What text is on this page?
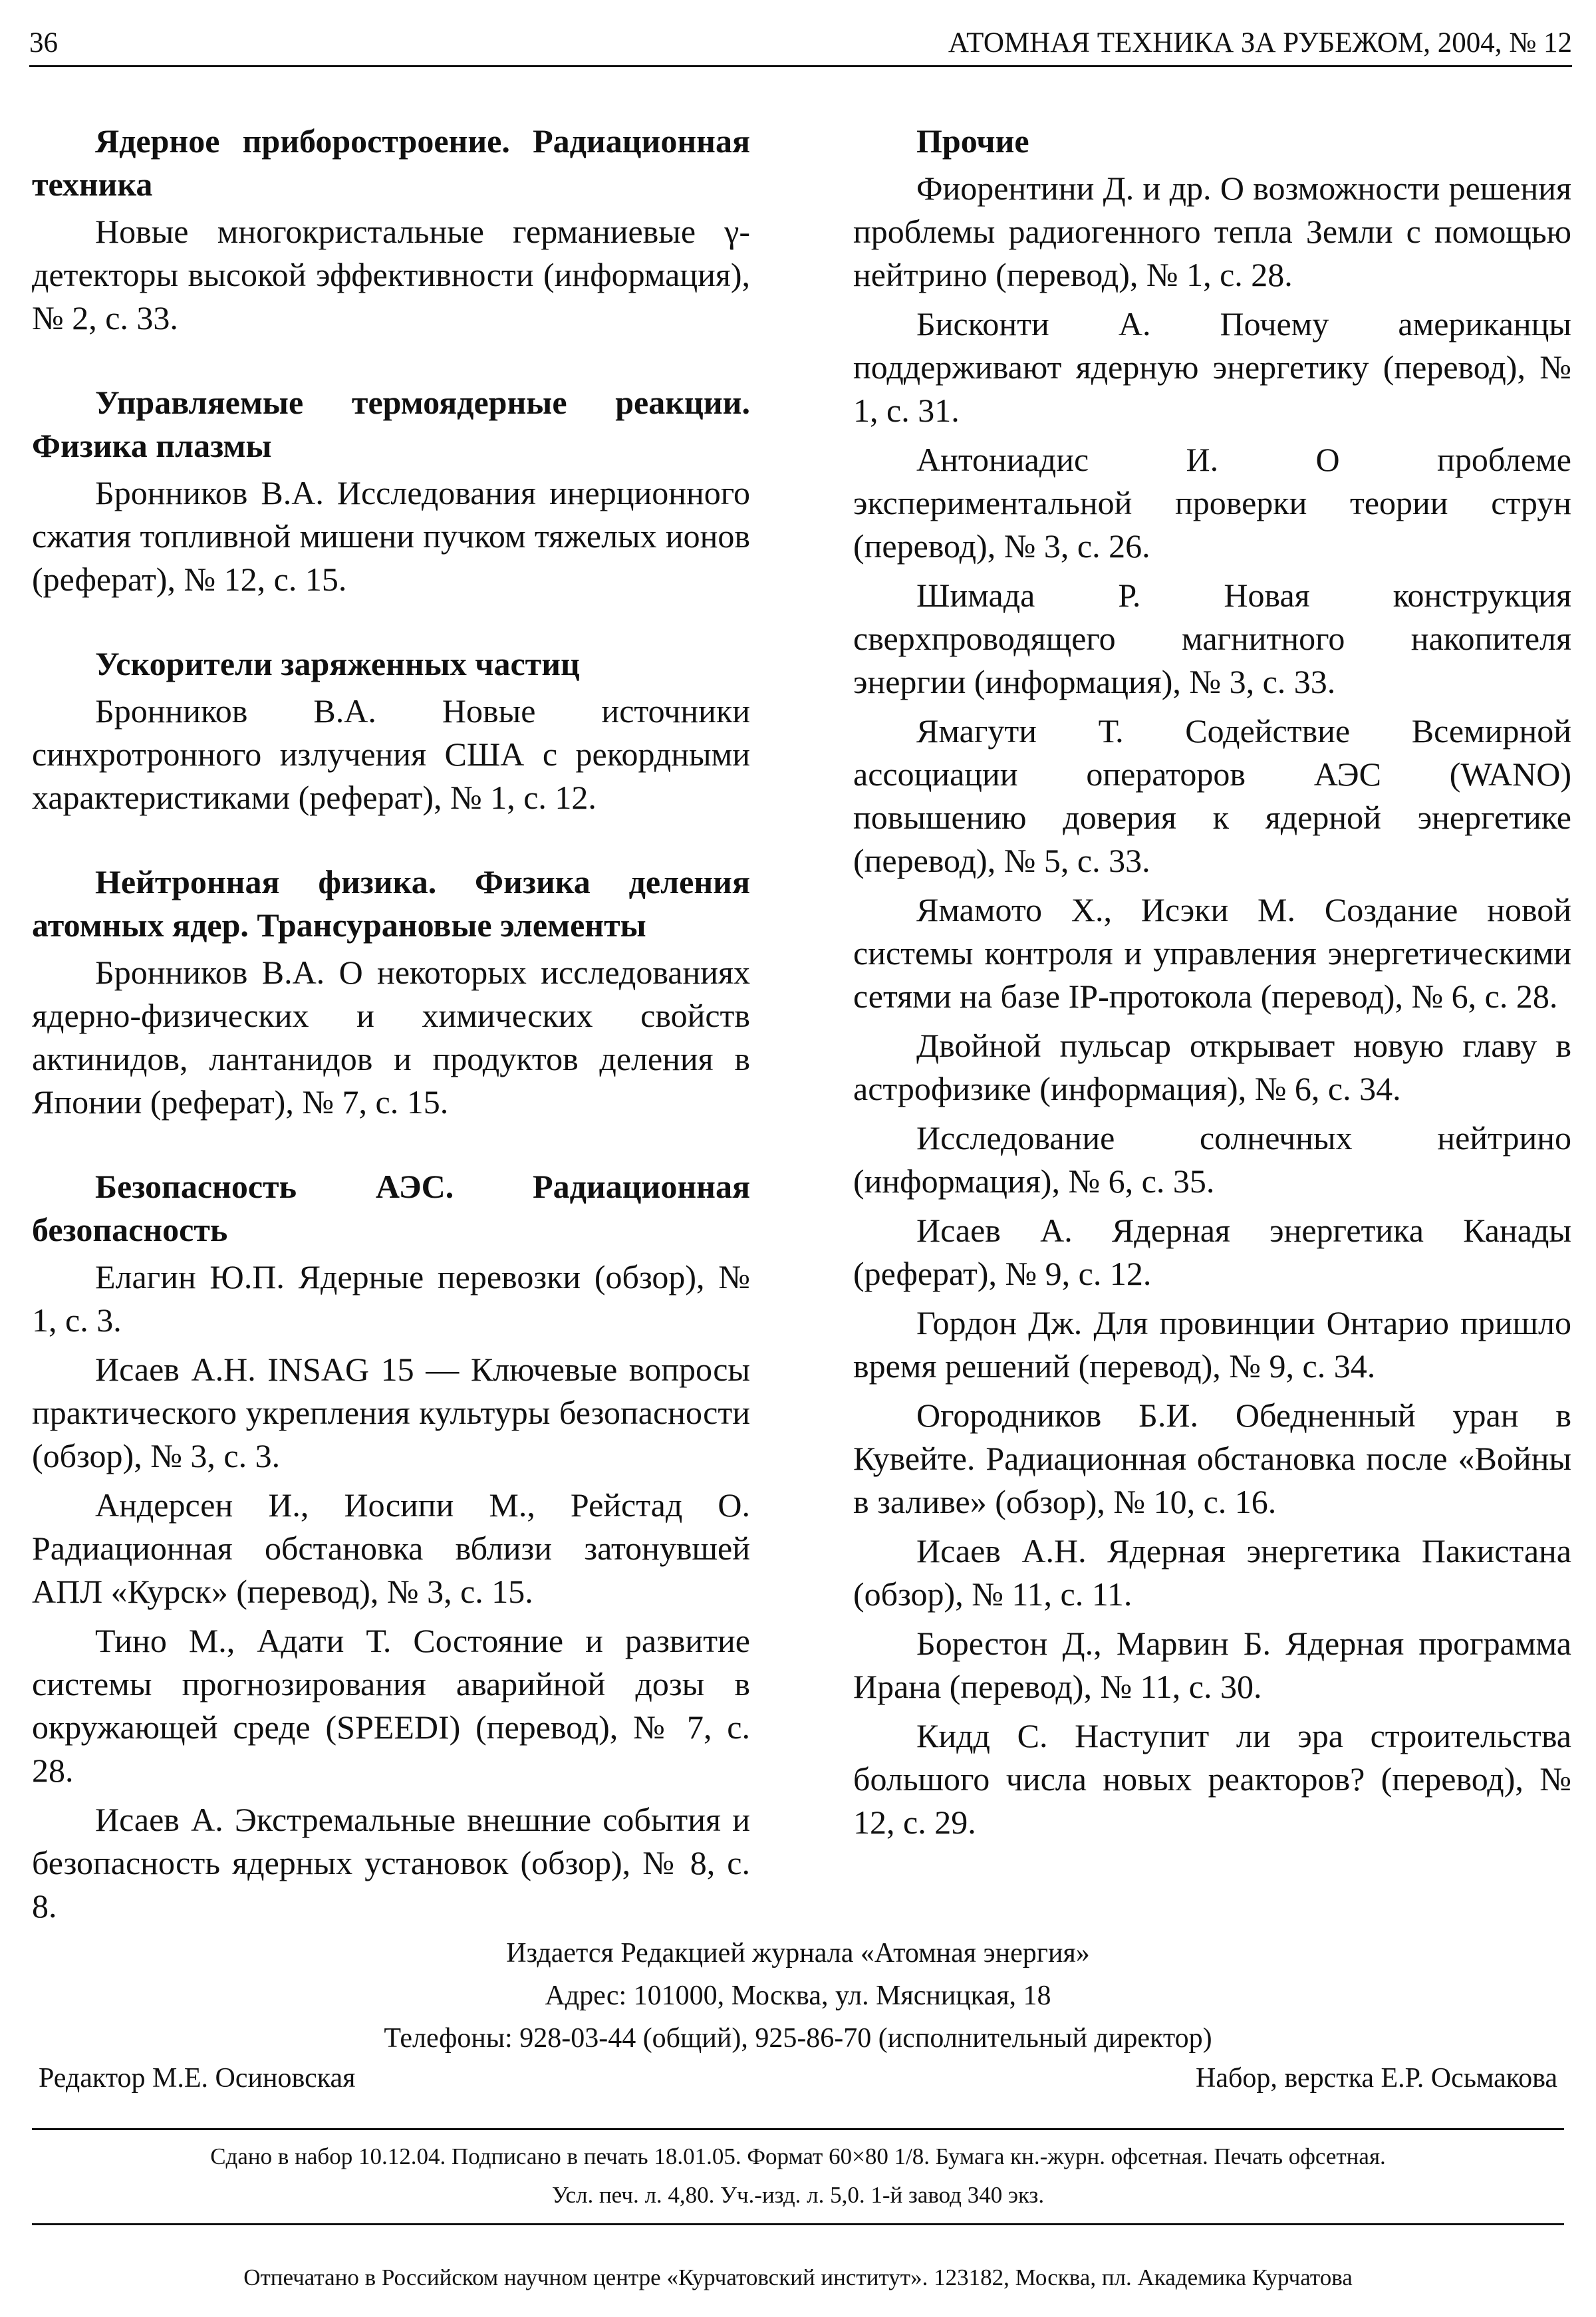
36	АТОМНАЯ ТЕХНИКА ЗА РУБЕЖОМ, 2004, № 12

Ядерное приборостроение. Радиационная техника

Новые многокристальные германиевые γ-детекторы высокой эффективности (информация), № 2, с. 33.

Управляемые термоядерные реакции. Физика плазмы

Бронников В.А. Исследования инерционного сжатия топливной мишени пучком тяжелых ионов (реферат), № 12, с. 15.

Ускорители заряженных частиц

Бронников В.А. Новые источники синхротронного излучения США с рекордными характеристиками (реферат), № 1, с. 12.

Нейтронная физика. Физика деления атомных ядер. Трансурановые элементы

Бронников В.А. О некоторых исследованиях ядерно-физических и химических свойств актинидов, лантанидов и продуктов деления в Японии (реферат), № 7, с. 15.

Безопасность АЭС. Радиационная безопасность

Елагин Ю.П. Ядерные перевозки (обзор), № 1, с. 3.

Исаев А.Н. INSAG 15 — Ключевые вопросы практического укрепления культуры безопасности (обзор), № 3, с. 3.

Андерсен И., Иосипи М., Рейстад О. Радиационная обстановка вблизи затонувшей АПЛ «Курск» (перевод), № 3, с. 15.

Тино М., Адати Т. Состояние и развитие системы прогнозирования аварийной дозы в окружающей среде (SPEEDI) (перевод), № 7, с. 28.

Исаев А. Экстремальные внешние события и безопасность ядерных установок (обзор), № 8, с. 8.

Прочие

Фиорентини Д. и др. О возможности решения проблемы радиогенного тепла Земли с помощью нейтрино (перевод), № 1, с. 28.

Бисконти А. Почему американцы поддерживают ядерную энергетику (перевод), № 1, с. 31.

Антониадис И. О проблеме экспериментальной проверки теории струн (перевод), № 3, с. 26.

Шимада Р. Новая конструкция сверхпроводящего магнитного накопителя энергии (информация), № 3, с. 33.

Ямагути Т. Содействие Всемирной ассоциации операторов АЭС (WANO) повышению доверия к ядерной энергетике (перевод), № 5, с. 33.

Ямамото Х., Исэки М. Создание новой системы контроля и управления энергетическими сетями на базе IP-протокола (перевод), № 6, с. 28.

Двойной пульсар открывает новую главу в астрофизике (информация), № 6, с. 34.

Исследование солнечных нейтрино (информация), № 6, с. 35.

Исаев А. Ядерная энергетика Канады (реферат), № 9, с. 12.

Гордон Дж. Для провинции Онтарио пришло время решений (перевод), № 9, с. 34.

Огородников Б.И. Обедненный уран в Кувейте. Радиационная обстановка после «Войны в заливе» (обзор), № 10, с. 16.

Исаев А.Н. Ядерная энергетика Пакистана (обзор), № 11, с. 11.

Борестон Д., Марвин Б. Ядерная программа Ирана (перевод), № 11, с. 30.

Кидд С. Наступит ли эра строительства большого числа новых реакторов? (перевод), № 12, с. 29.

Издается Редакцией журнала «Атомная энергия»
Адрес: 101000, Москва, ул. Мясницкая, 18
Телефоны: 928-03-44 (общий), 925-86-70 (исполнительный директор)
Редактор М.Е. Осиновская	Набор, верстка Е.Р. Осьмакова
Сдано в набор 10.12.04. Подписано в печать 18.01.05. Формат 60×80 1/8. Бумага кн.-журн. офсетная. Печать офсетная.
Усл. печ. л. 4,80. Уч.-изд. л. 5,0. 1-й завод 340 экз.
Отпечатано в Российском научном центре «Курчатовский институт». 123182, Москва, пл. Академика Курчатова
